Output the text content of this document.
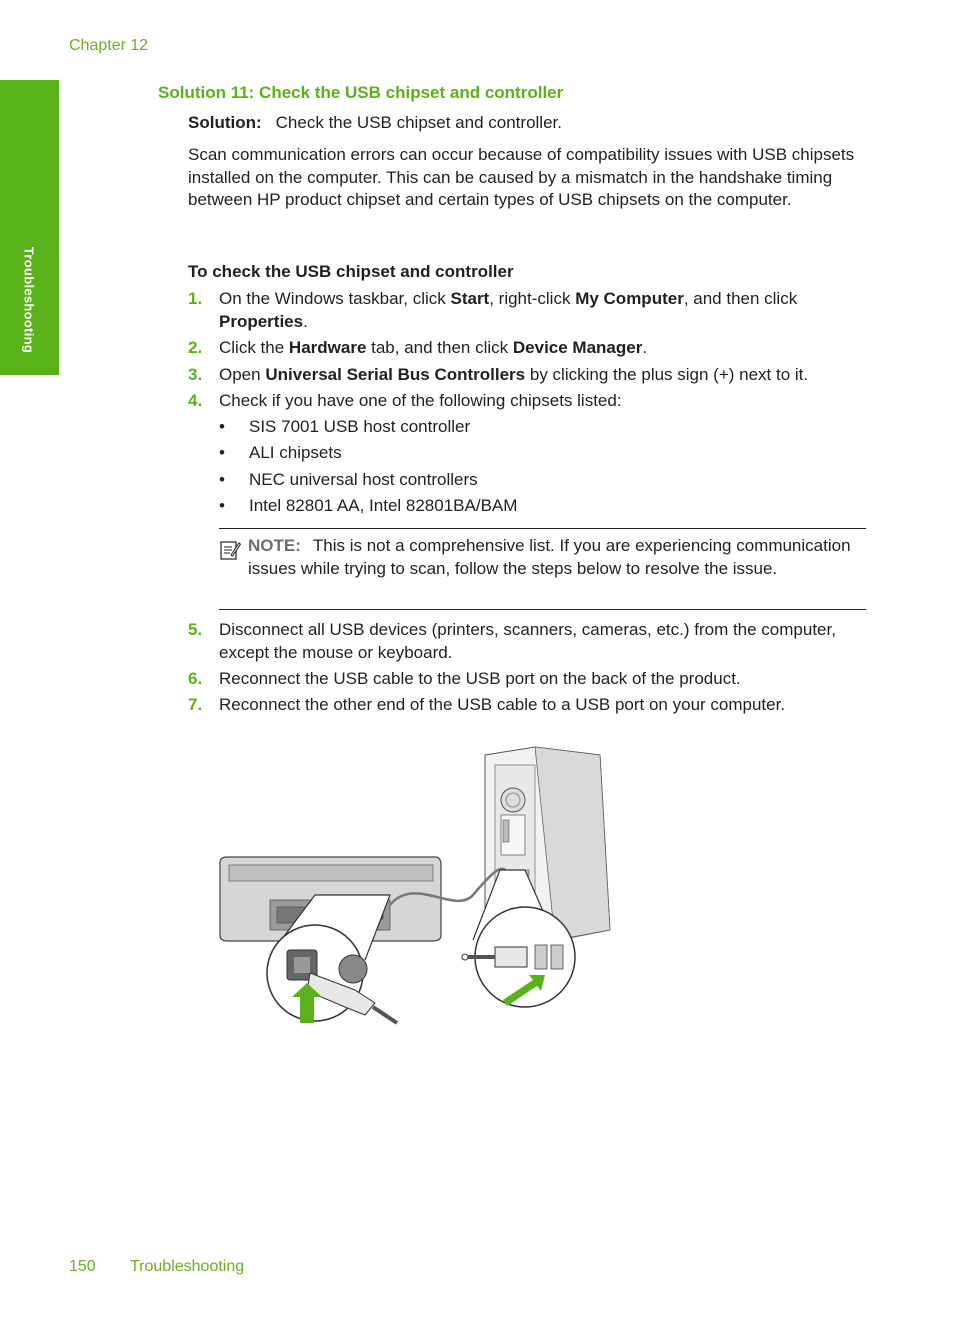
Chapter 12
Troubleshooting
Solution 11: Check the USB chipset and controller
Solution: Check the USB chipset and controller.
Scan communication errors can occur because of compatibility issues with USB chipsets installed on the computer. This can be caused by a mismatch in the handshake timing between HP product chipset and certain types of USB chipsets on the computer.
To check the USB chipset and controller
1. On the Windows taskbar, click Start, right-click My Computer, and then click Properties.
2. Click the Hardware tab, and then click Device Manager.
3. Open Universal Serial Bus Controllers by clicking the plus sign (+) next to it.
4. Check if you have one of the following chipsets listed:
• SIS 7001 USB host controller
• ALI chipsets
• NEC universal host controllers
• Intel 82801 AA, Intel 82801BA/BAM
NOTE: This is not a comprehensive list. If you are experiencing communication issues while trying to scan, follow the steps below to resolve the issue.
5. Disconnect all USB devices (printers, scanners, cameras, etc.) from the computer, except the mouse or keyboard.
6. Reconnect the USB cable to the USB port on the back of the product.
7. Reconnect the other end of the USB cable to a USB port on your computer.
150 Troubleshooting
